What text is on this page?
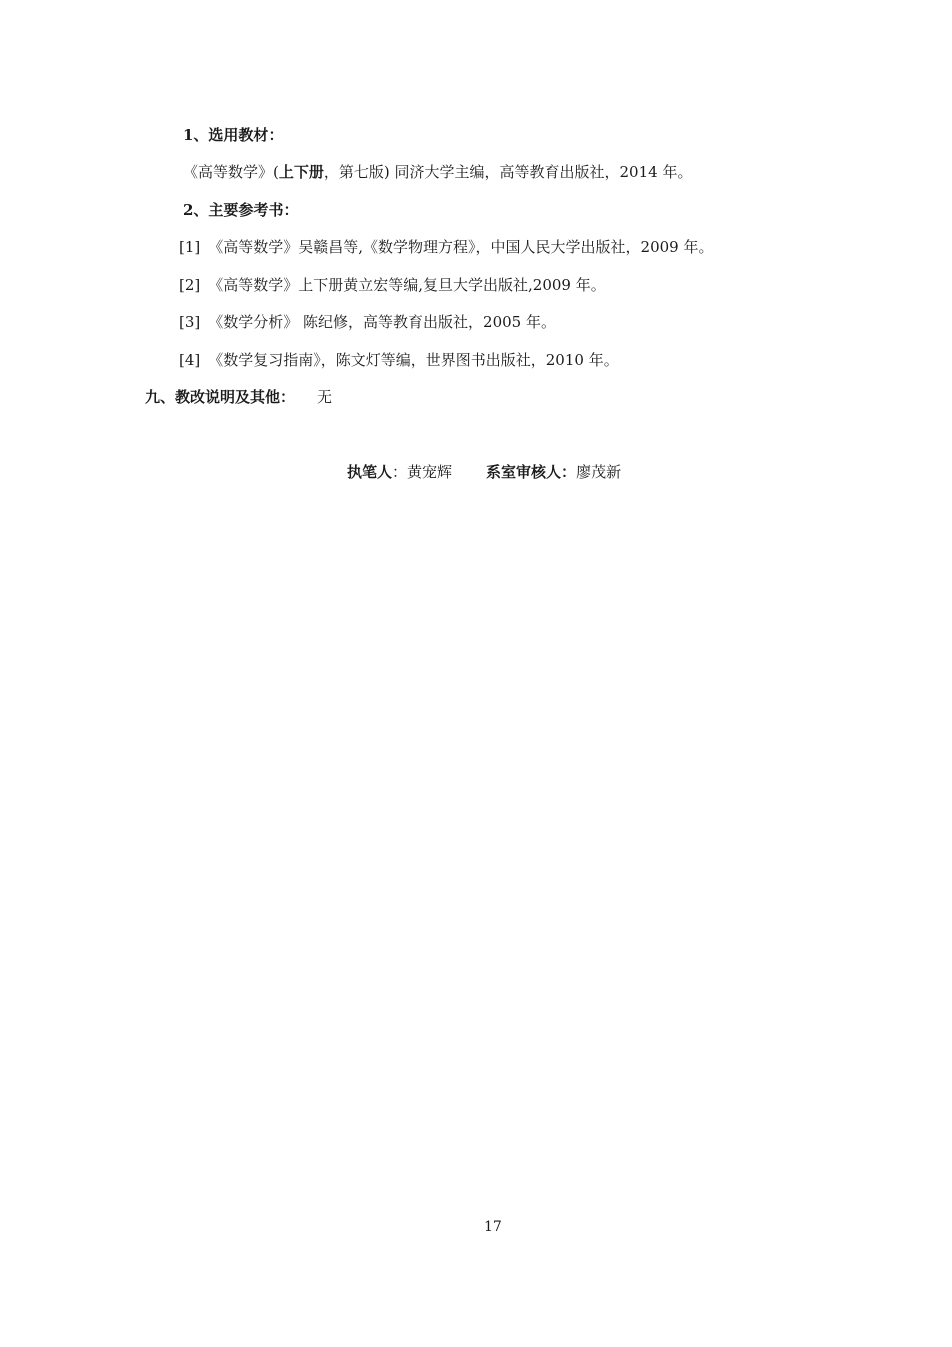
1、选用教材：
《高等数学》(上下册，第七版) 同济大学主编，高等教育出版社，2014 年。
2、主要参考书：
[1] 《高等数学》吴赣昌等,《数学物理方程》，中国人民大学出版社，2009 年。
[2] 《高等数学》上下册黄立宏等编,复旦大学出版社,2009 年。
[3] 《数学分析》 陈纪修，高等教育出版社，2005 年。
[4] 《数学复习指南》，陈文灯等编，世界图书出版社，2010 年。
九、教改说明及其他： 无
执笔人：黄宠辉 系室审核人：廖茂新
17
